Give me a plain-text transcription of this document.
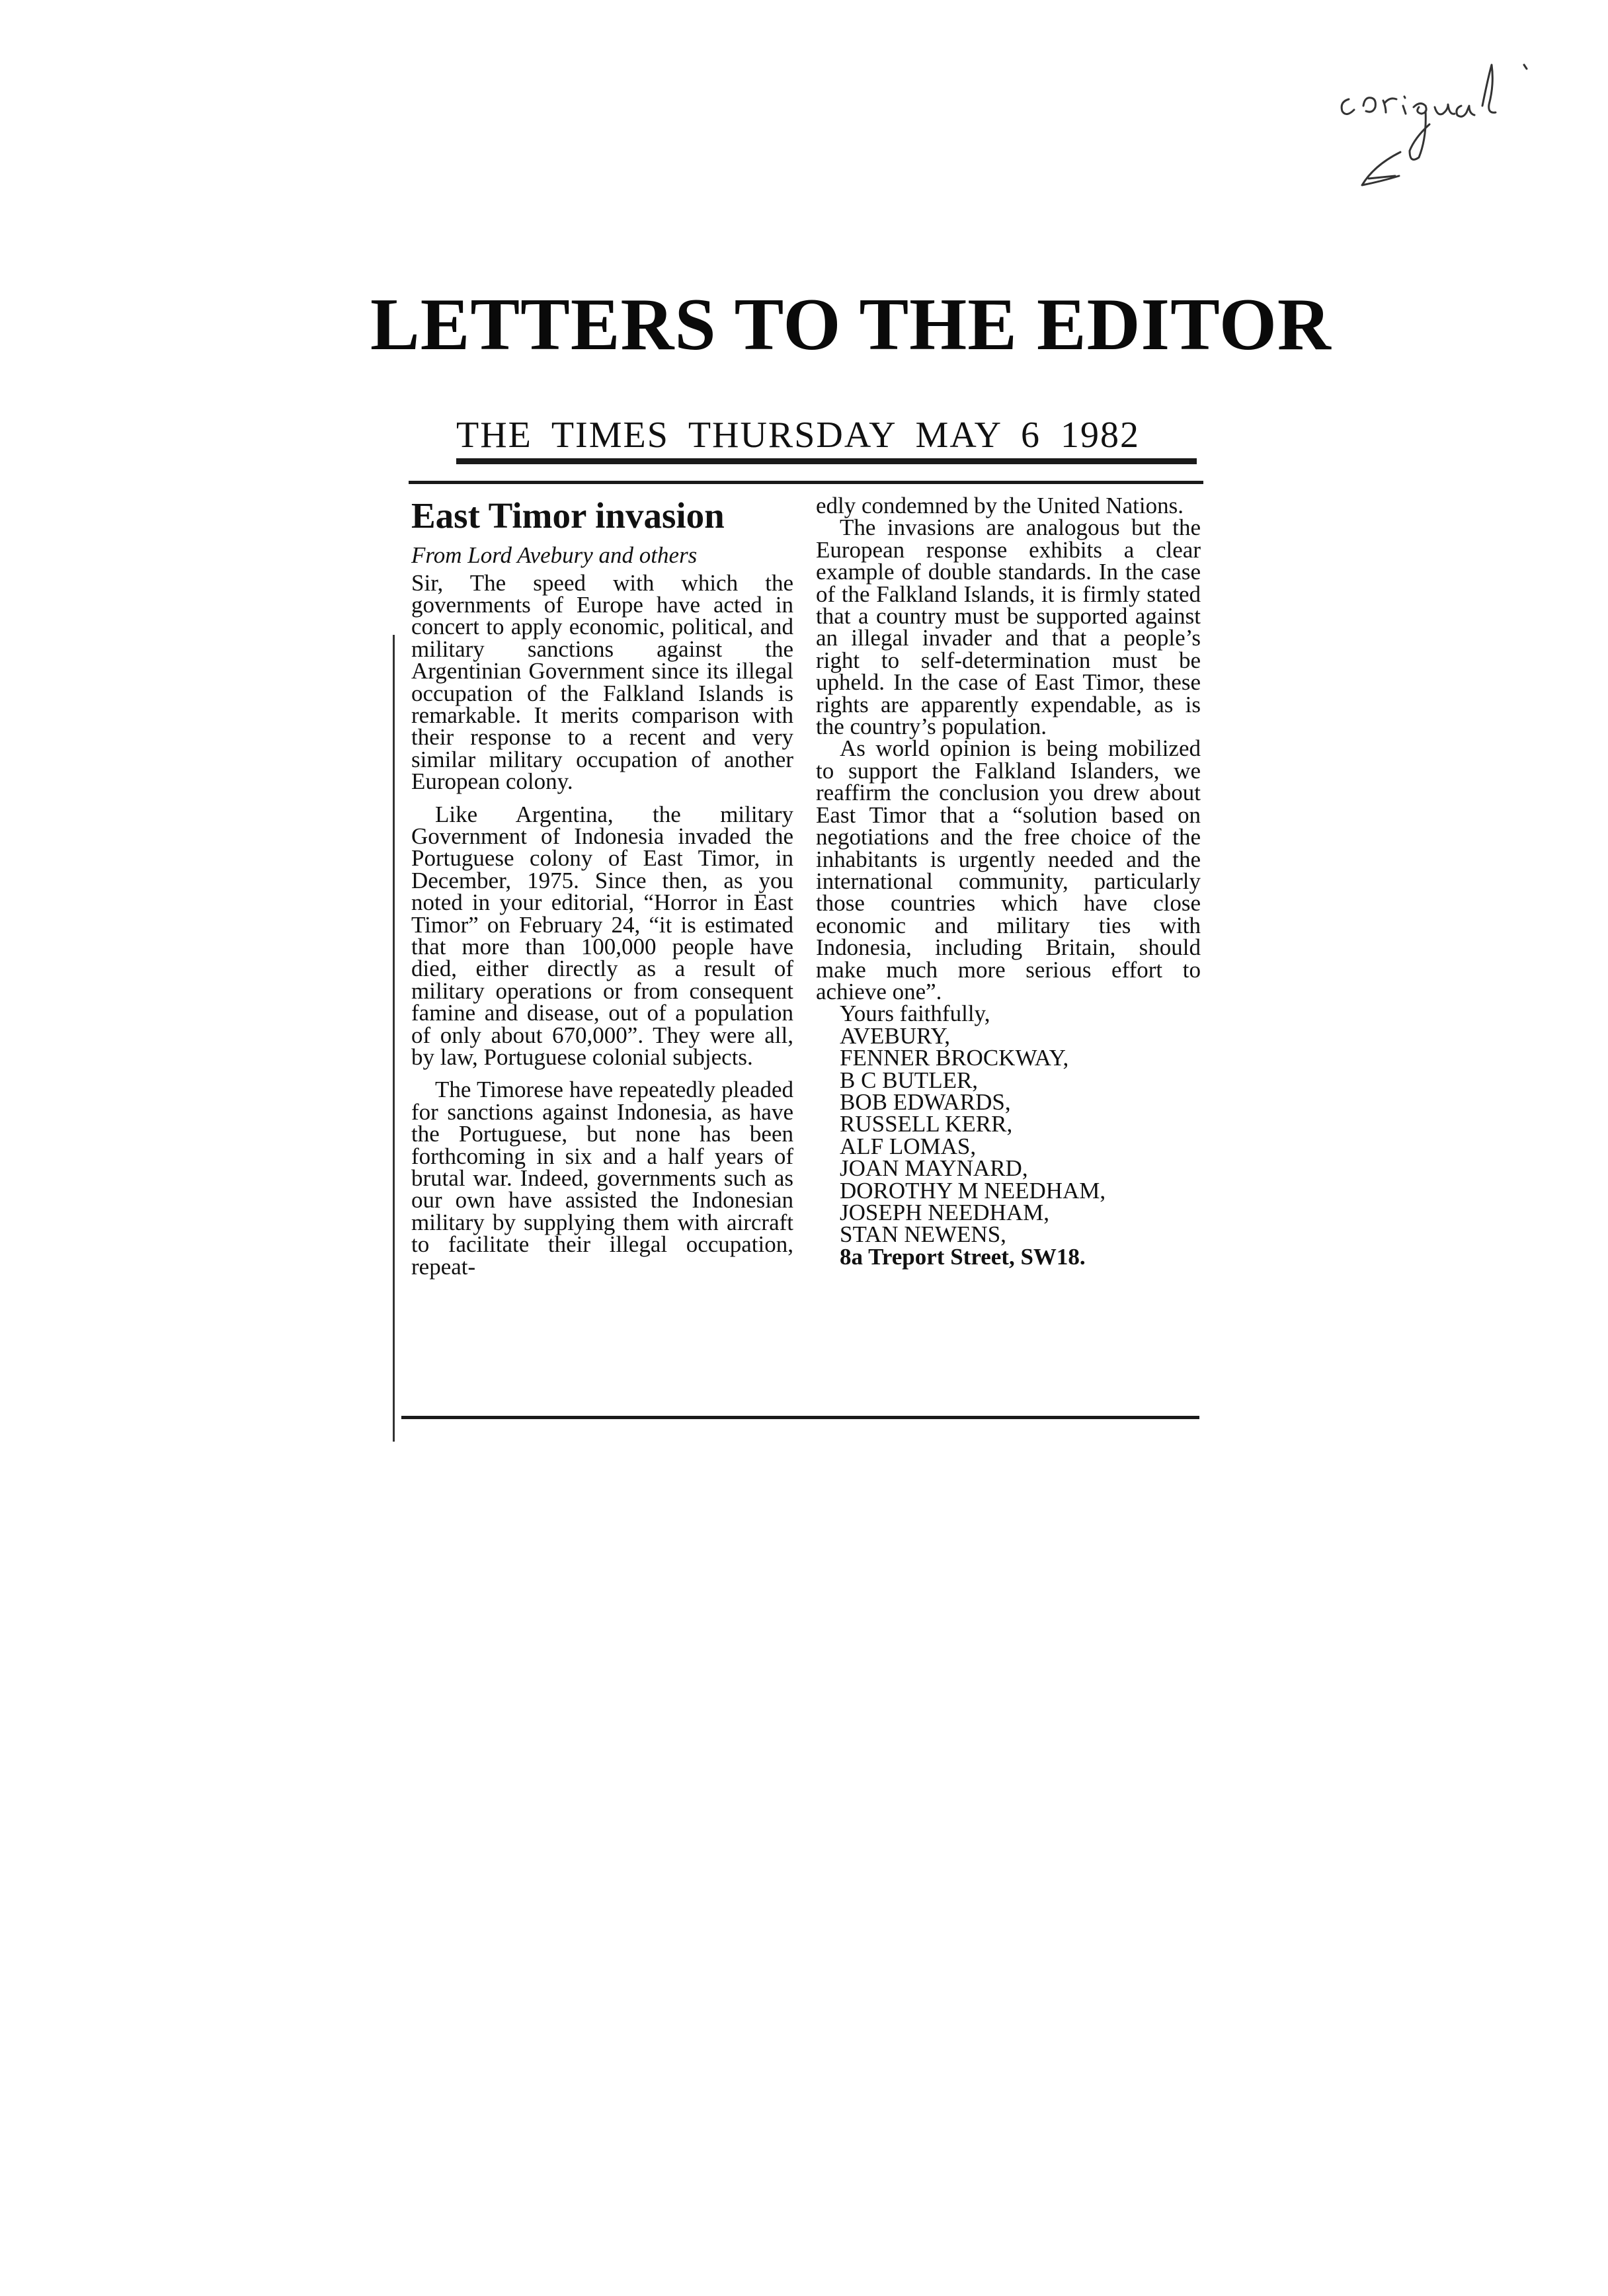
LETTERS TO THE EDITOR
THE TIMES THURSDAY MAY 6 1982
East Timor invasion
From Lord Avebury and others

Sir, The speed with which the governments of Europe have acted in concert to apply economic, political, and military sanctions against the Argentinian Government since its illegal occupation of the Falkland Islands is remarkable. It merits comparison with their response to a recent and very similar military occupation of another European colony.

Like Argentina, the military Government of Indonesia invaded the Portuguese colony of East Timor, in December, 1975. Since then, as you noted in your editorial, “Horror in East Timor” on February 24, “it is estimated that more than 100,000 people have died, either directly as a result of military operations or from consequent famine and disease, out of a population of only about 670,000”. They were all, by law, Portuguese colonial subjects.

The Timorese have repeatedly pleaded for sanctions against Indonesia, as have the Portuguese, but none has been forthcoming in six and a half years of brutal war. Indeed, governments such as our own have assisted the Indonesian military by supplying them with aircraft to facilitate their illegal occupation, repeat-

edly condemned by the United Nations.

The invasions are analogous but the European response exhibits a clear example of double standards. In the case of the Falkland Islands, it is firmly stated that a country must be supported against an illegal invader and that a people’s right to self-determination must be upheld. In the case of East Timor, these rights are apparently expendable, as is the country’s population.

As world opinion is being mobilized to support the Falkland Islanders, we reaffirm the conclusion you drew about East Timor that a “solution based on negotiations and the free choice of the inhabitants is urgently needed and the international community, particularly those countries which have close economic and military ties with Indonesia, including Britain, should make much more serious effort to achieve one”.

Yours faithfully,

AVEBURY,

FENNER BROCKWAY,

B C BUTLER,

BOB EDWARDS,

RUSSELL KERR,

ALF LOMAS,

JOAN MAYNARD,

DOROTHY M NEEDHAM,

JOSEPH NEEDHAM,

STAN NEWENS,

8a Treport Street, SW18.
